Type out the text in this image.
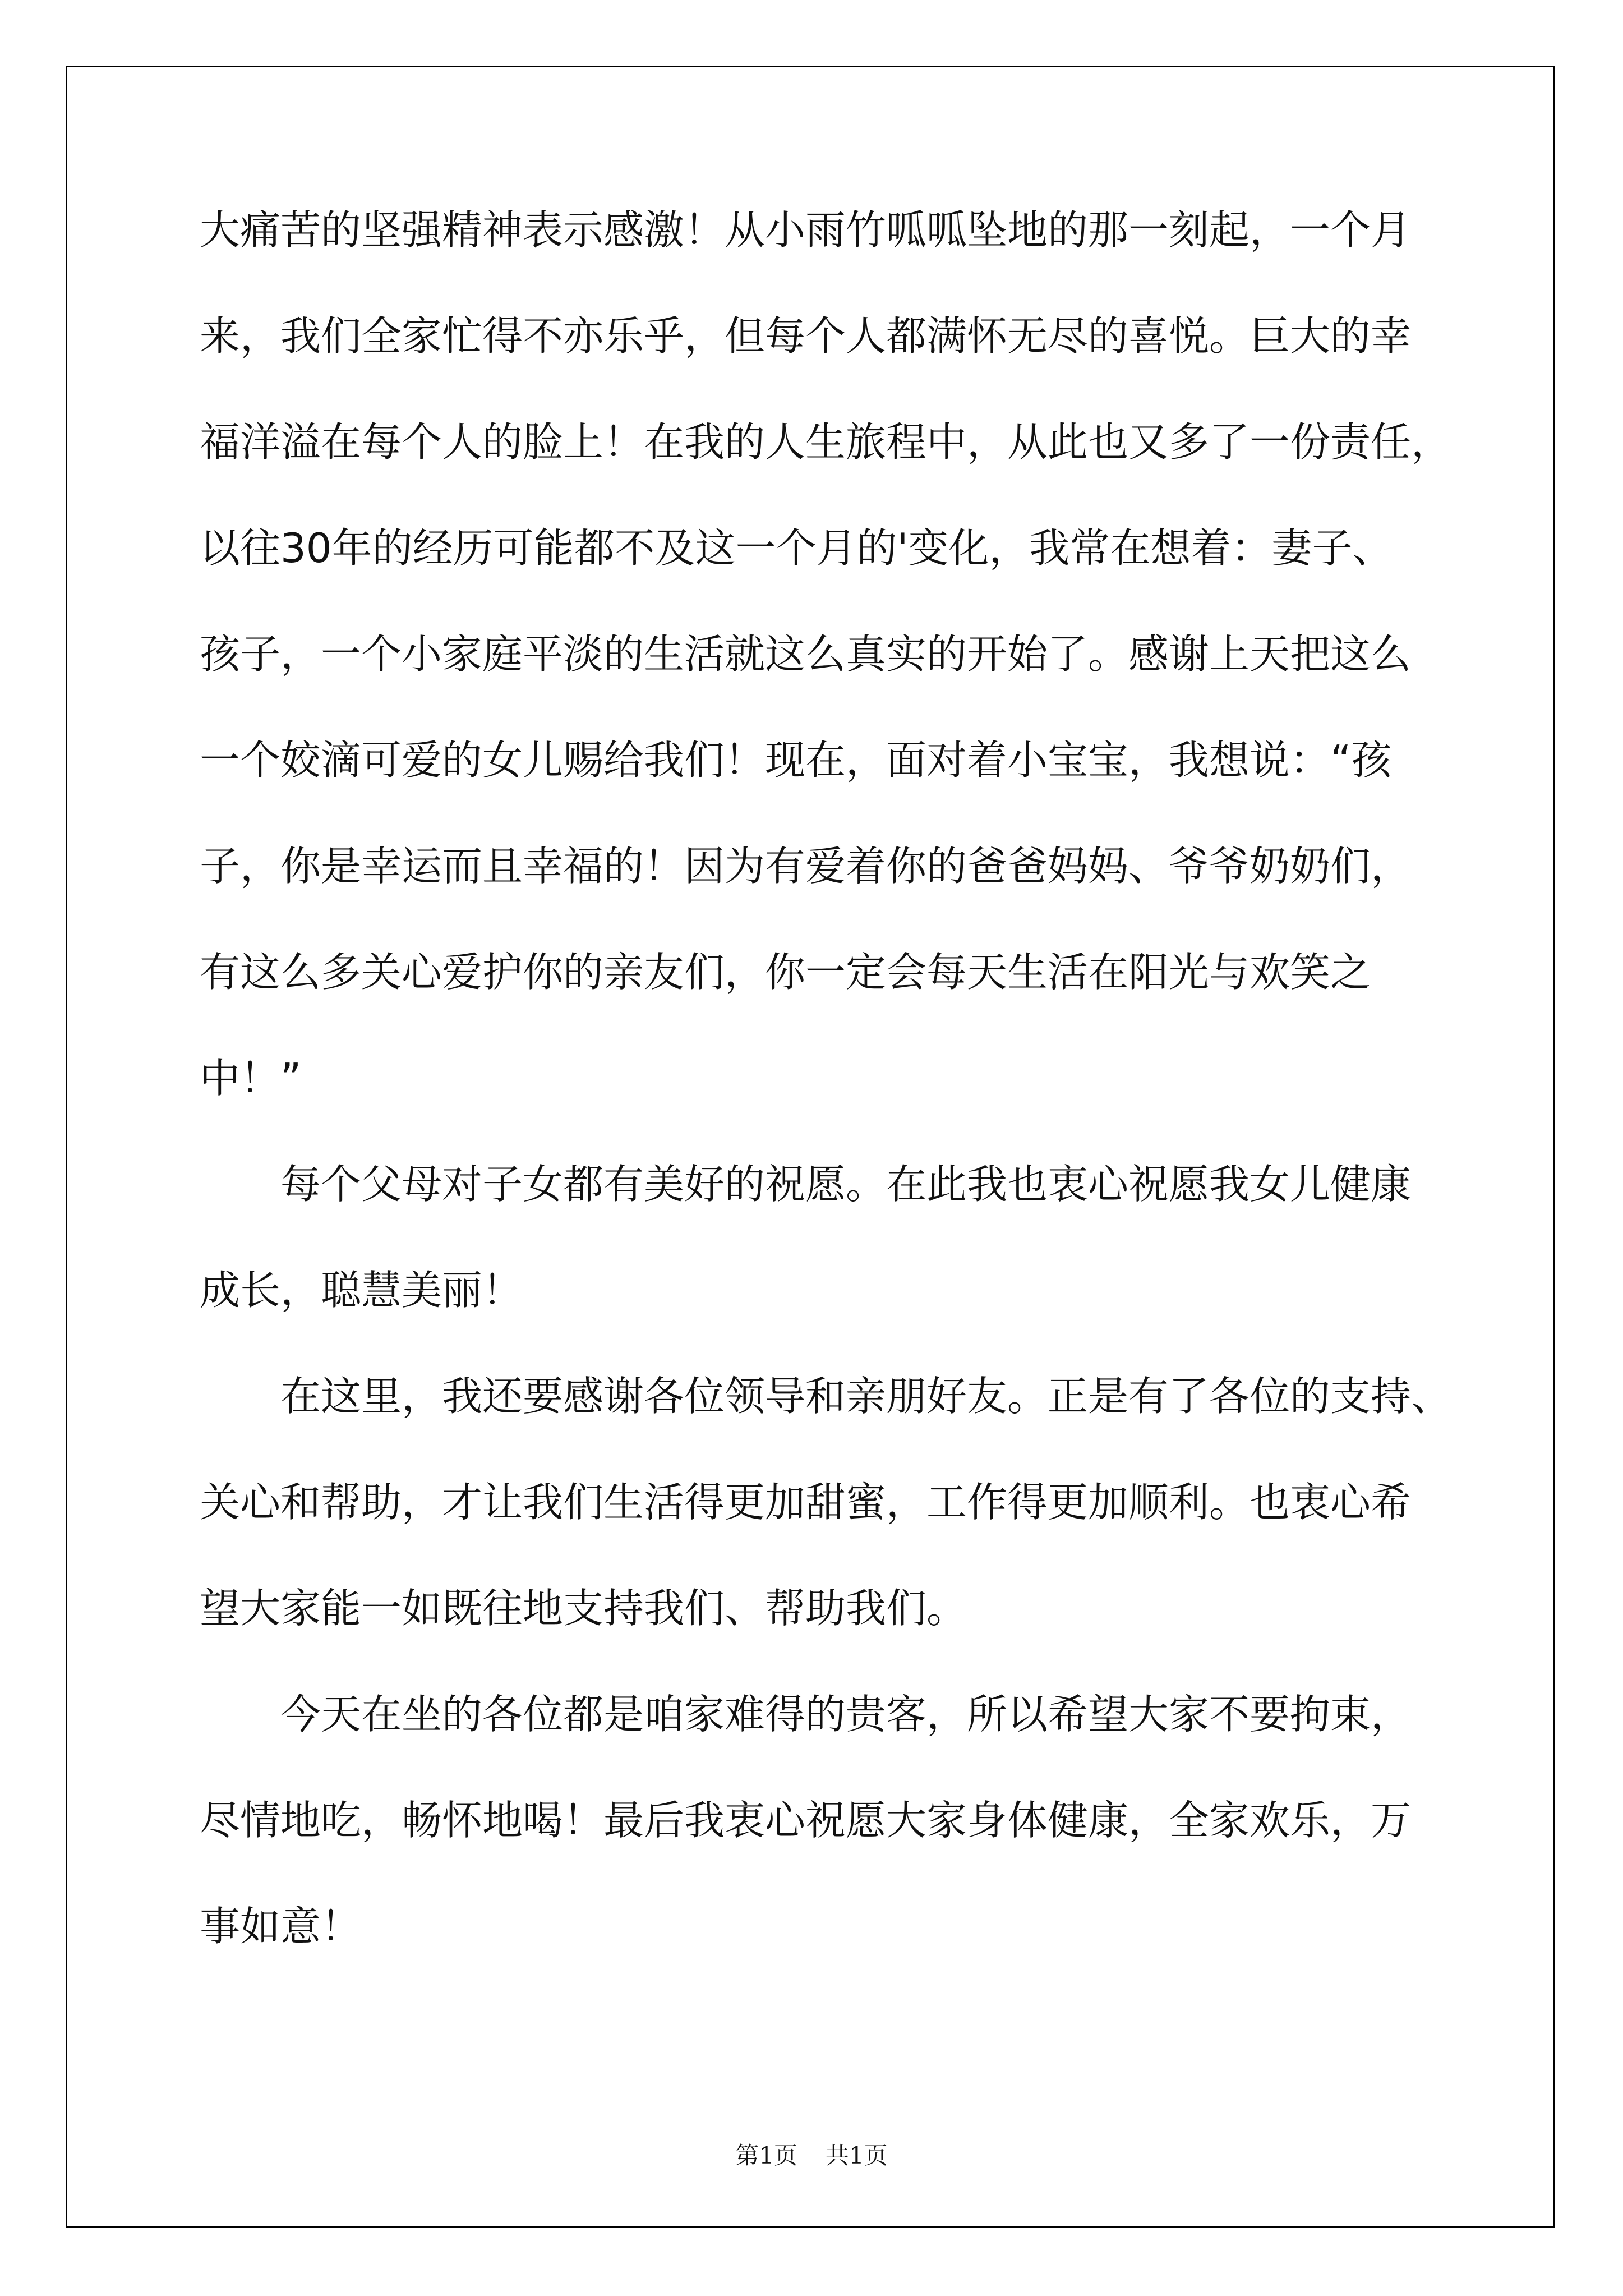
大痛苦的坚强精神表示感激！从小雨竹呱呱坠地的那一刻起，一个月
来，我们全家忙得不亦乐乎，但每个人都满怀无尽的喜悦。巨大的幸
福洋溢在每个人的脸上！在我的人生旅程中，从此也又多了一份责任，
以往30年的经历可能都不及这一个月的'变化，我常在想着：妻子、
孩子，一个小家庭平淡的生活就这么真实的开始了。感谢上天把这么
一个姣滴可爱的女儿赐给我们！现在，面对着小宝宝，我想说：“孩
子，你是幸运而且幸福的！因为有爱着你的爸爸妈妈、爷爷奶奶们，
有这么多关心爱护你的亲友们，你一定会每天生活在阳光与欢笑之
中！”
每个父母对子女都有美好的祝愿。在此我也衷心祝愿我女儿健康
成长，聪慧美丽！
在这里，我还要感谢各位领导和亲朋好友。正是有了各位的支持、
关心和帮助，才让我们生活得更加甜蜜，工作得更加顺利。也衷心希
望大家能一如既往地支持我们、帮助我们。
今天在坐的各位都是咱家难得的贵客，所以希望大家不要拘束，
尽情地吃，畅怀地喝！最后我衷心祝愿大家身体健康，全家欢乐，万
事如意！
第1页 共1页
